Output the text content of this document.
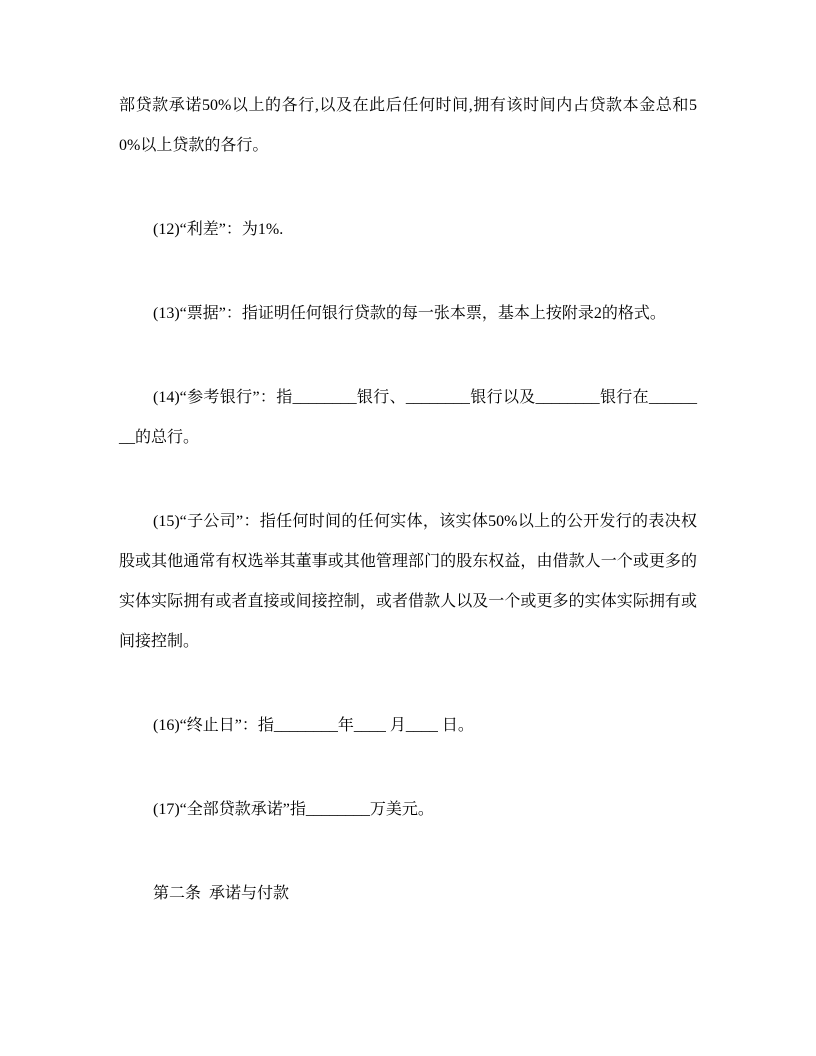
部贷款承诺50%以上的各行,以及在此后任何时间,拥有该时间内占贷款本金总和50%以上贷款的各行。

(12)“利差”：为1%.

(13)“票据”：指证明任何银行贷款的每一张本票，基本上按附录2的格式。

(14)“参考银行”：指________银行、________银行以及________银行在________的总行。

(15)“子公司”：指任何时间的任何实体，该实体50%以上的公开发行的表决权股或其他通常有权选举其董事或其他管理部门的股东权益，由借款人一个或更多的实体实际拥有或者直接或间接控制，或者借款人以及一个或更多的实体实际拥有或间接控制。

(16)“终止日”：指________年____ 月____ 日。

(17)“全部贷款承诺”指________万美元。

第二条  承诺与付款
